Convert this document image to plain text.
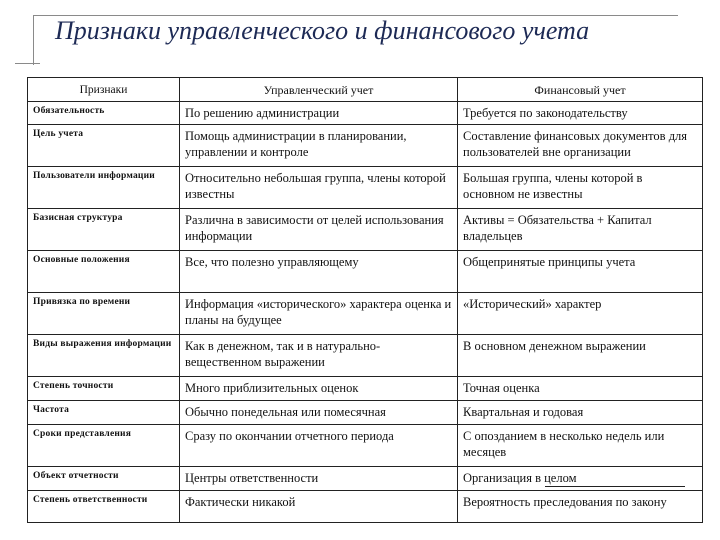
Признаки управленческого и финансового учета
Признаки	Управленческий учет	Финансовый учет
Обязательность	По решению администрации	Требуется по законодательству
Цель учета	Помощь администрации в планировании, управлении и контроле	Составление финансовых документов для пользователей вне организации
Пользователи информации	Относительно небольшая группа, члены которой известны	Большая группа, члены которой в основном не известны
Базисная структура	Различна в зависимости от целей использования информации	Активы = Обязательства + Капитал владельцев
Основные положения	Все, что полезно управляющему	Общепринятые принципы учета
Привязка по времени	Информация «исторического» характера оценка и планы на будущее	«Исторический» характер
Виды выражения информации	Как в денежном, так и в натурально-вещественном выражении	В основном денежном выражении
Степень точности	Много приблизительных оценок	Точная оценка
Частота	Обычно понедельная или помесячная	Квартальная и годовая
Сроки представления	Сразу по окончании отчетного периода	С опозданием в несколько недель или месяцев
Объект отчетности	Центры ответственности	Организация в целом
Степень ответственности	Фактически никакой	Вероятность преследования по закону
